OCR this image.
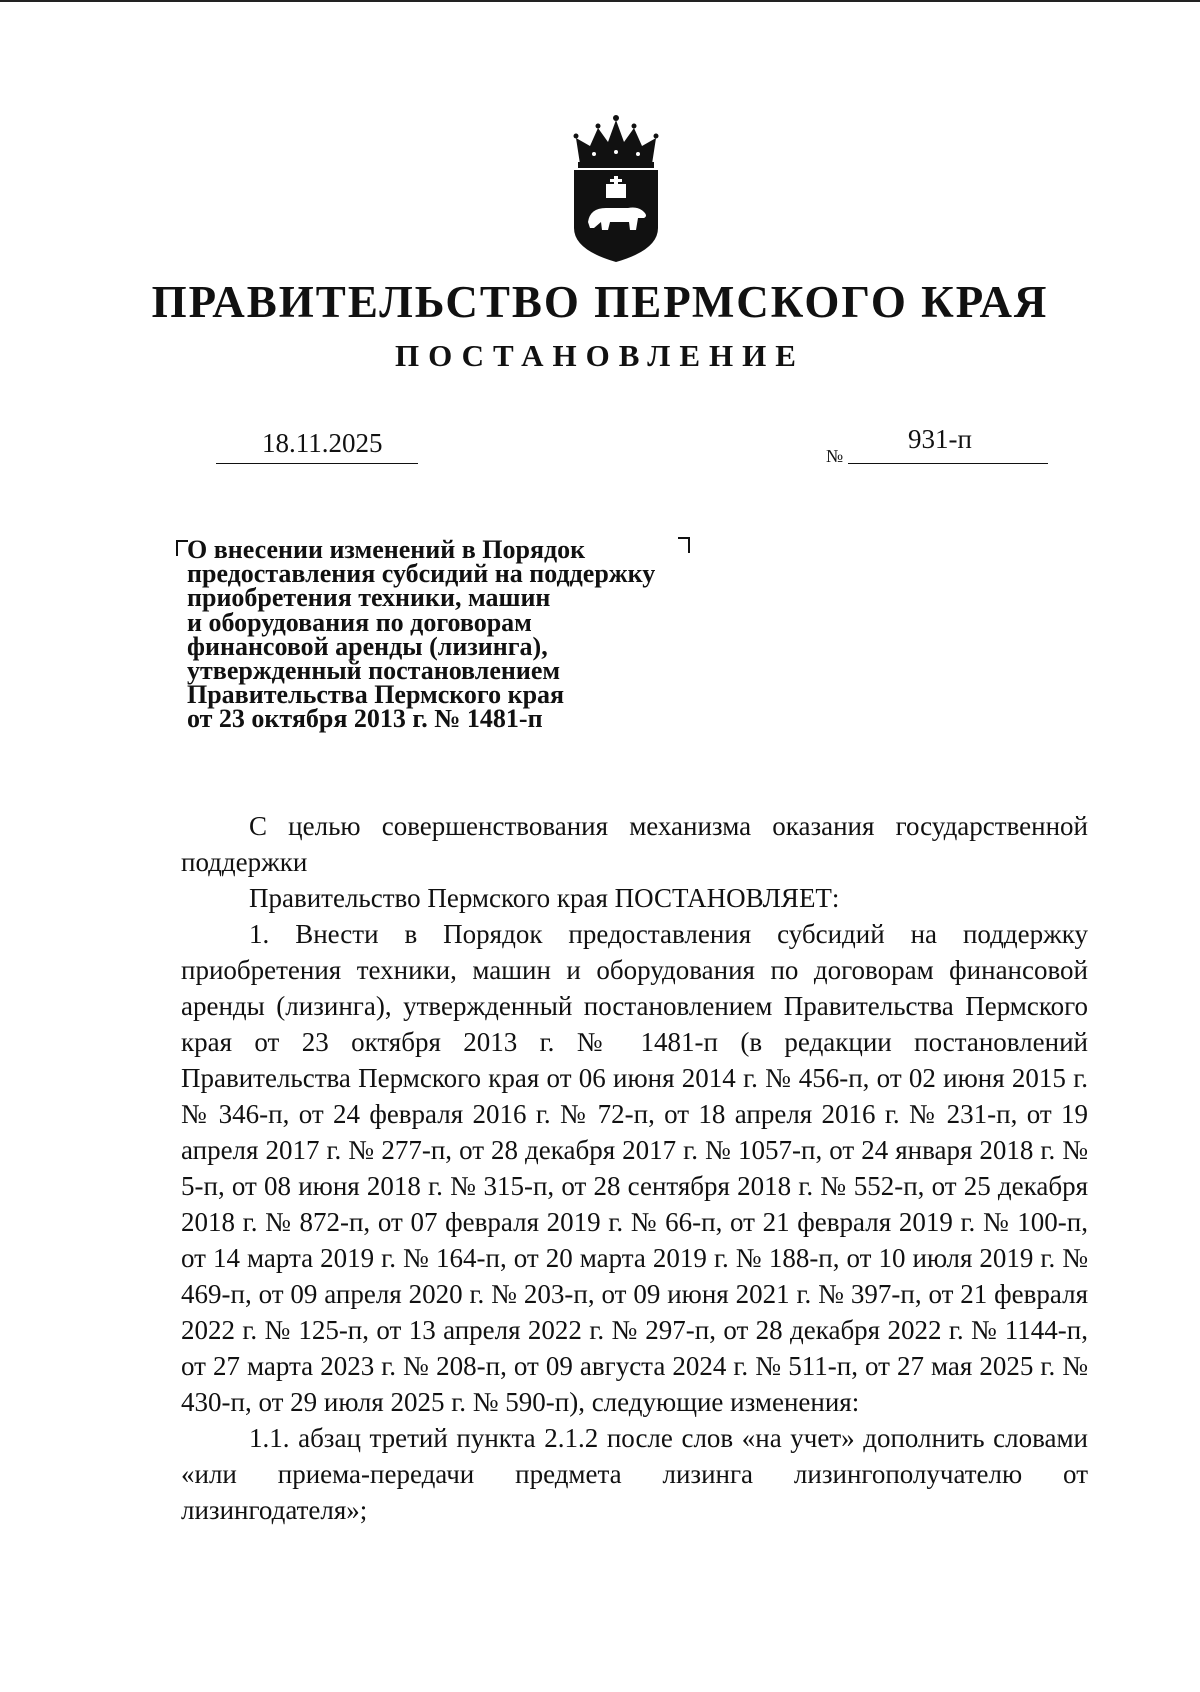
ПРАВИТЕЛЬСТВО ПЕРМСКОГО КРАЯ
ПОСТАНОВЛЕНИЕ
18.11.2025	№
931-п
О внесении изменений в Порядок
предоставления субсидий на поддержку
приобретения техники, машин
и оборудования по договорам
финансовой аренды (лизинга),
утвержденный постановлением
Правительства Пермского края
от 23 октября 2013 г. № 1481-п

С целью совершенствования механизма оказания государственной поддержки

Правительство Пермского края ПОСТАНОВЛЯЕТ:

1. Внести в Порядок предоставления субсидий на поддержку приобретения техники, машин и оборудования по договорам финансовой аренды (лизинга), утвержденный постановлением Правительства Пермского края от 23 октября 2013 г. № 1481-п (в редакции постановлений Правительства Пермского края от 06 июня 2014 г. № 456-п, от 02 июня 2015 г. № 346-п, от 24 февраля 2016 г. № 72-п, от 18 апреля 2016 г. № 231-п, от 19 апреля 2017 г. № 277-п, от 28 декабря 2017 г. № 1057-п, от 24 января 2018 г. № 5-п, от 08 июня 2018 г. № 315-п, от 28 сентября 2018 г. № 552-п, от 25 декабря 2018 г. № 872-п, от 07 февраля 2019 г. № 66-п, от 21 февраля 2019 г. № 100-п, от 14 марта 2019 г. № 164-п, от 20 марта 2019 г. № 188-п, от 10 июля 2019 г. № 469-п, от 09 апреля 2020 г. № 203-п, от 09 июня 2021 г. № 397-п, от 21 февраля 2022 г. № 125-п, от 13 апреля 2022 г. № 297-п, от 28 декабря 2022 г. № 1144-п, от 27 марта 2023 г. № 208-п, от 09 августа 2024 г. № 511-п, от 27 мая 2025 г. № 430-п, от 29 июля 2025 г. № 590-п), следующие изменения:

1.1. абзац третий пункта 2.1.2 после слов «на учет» дополнить словами «или приема-передачи предмета лизинга лизингополучателю от лизингодателя»;
